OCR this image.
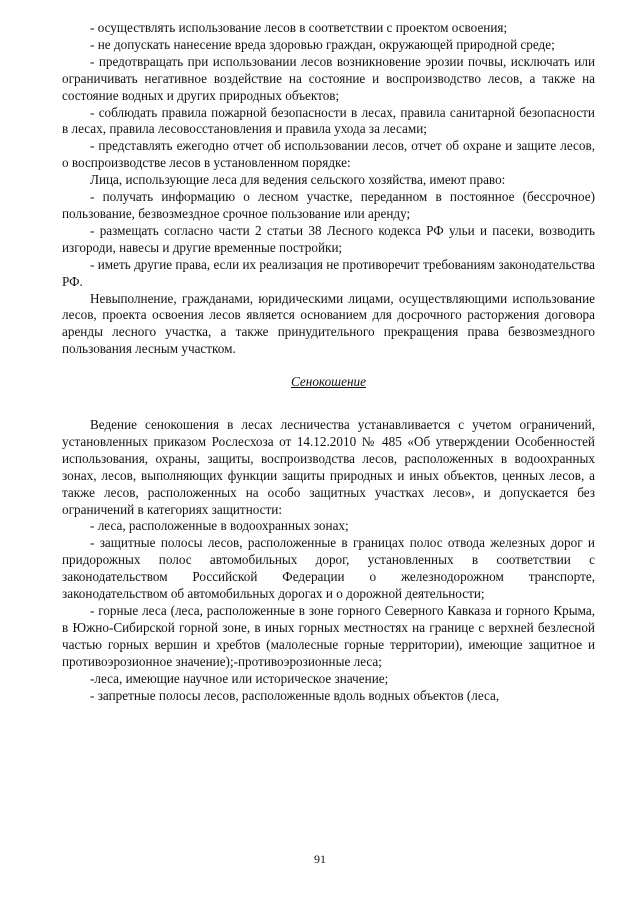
- осуществлять использование лесов в соответствии с проектом освоения;

- не допускать нанесение вреда здоровью граждан, окружающей природной среде;

- предотвращать при использовании лесов возникновение эрозии почвы, исключать или ограничивать негативное воздействие на состояние и воспроизводство лесов, а также на состояние водных и других природных объектов;

- соблюдать правила пожарной безопасности в лесах, правила санитарной безопасности в лесах, правила лесовосстановления и правила ухода за лесами;

- представлять ежегодно отчет об использовании лесов, отчет об охране и защите лесов, о воспроизводстве лесов в установленном порядке:

Лица, использующие леса для ведения сельского хозяйства, имеют право:

- получать информацию о лесном участке, переданном в постоянное (бессрочное) пользование, безвозмездное срочное пользование или аренду;

- размещать согласно части 2 статьи 38 Лесного кодекса РФ ульи и пасеки, возводить изгороди, навесы и другие временные постройки;

- иметь другие права, если их реализация не противоречит требованиям законодательства РФ.

Невыполнение, гражданами, юридическими лицами, осуществляющими использование лесов, проекта освоения лесов является основанием для досрочного расторжения договора аренды лесного участка, а также принудительного прекращения права безвозмездного пользования лесным участком.

Сенокошение

Ведение сенокошения в лесах лесничества устанавливается с учетом ограничений, установленных приказом Рослесхоза от 14.12.2010 № 485 «Об утверждении Особенностей использования, охраны, защиты, воспроизводства лесов, расположенных в водоохранных зонах, лесов, выполняющих функции защиты природных и иных объектов, ценных лесов, а также лесов, расположенных на особо защитных участках лесов», и допускается без ограничений в категориях защитности:

- леса, расположенные в водоохранных зонах;

- защитные полосы лесов, расположенные в границах полос отвода железных дорог и придорожных полос автомобильных дорог, установленных в соответствии с законодательством Российской Федерации о железнодорожном транспорте, законодательством об автомобильных дорогах и о дорожной деятельности;

- горные леса (леса, расположенные в зоне горного Северного Кавказа и горного Крыма, в Южно-Сибирской горной зоне, в иных горных местностях на границе с верхней безлесной частью горных вершин и хребтов (малолесные горные территории), имеющие защитное и противоэрозионное значение);-противоэрозионные леса;

-леса, имеющие научное или историческое значение;

- запретные полосы лесов, расположенные вдоль водных объектов (леса,

91
